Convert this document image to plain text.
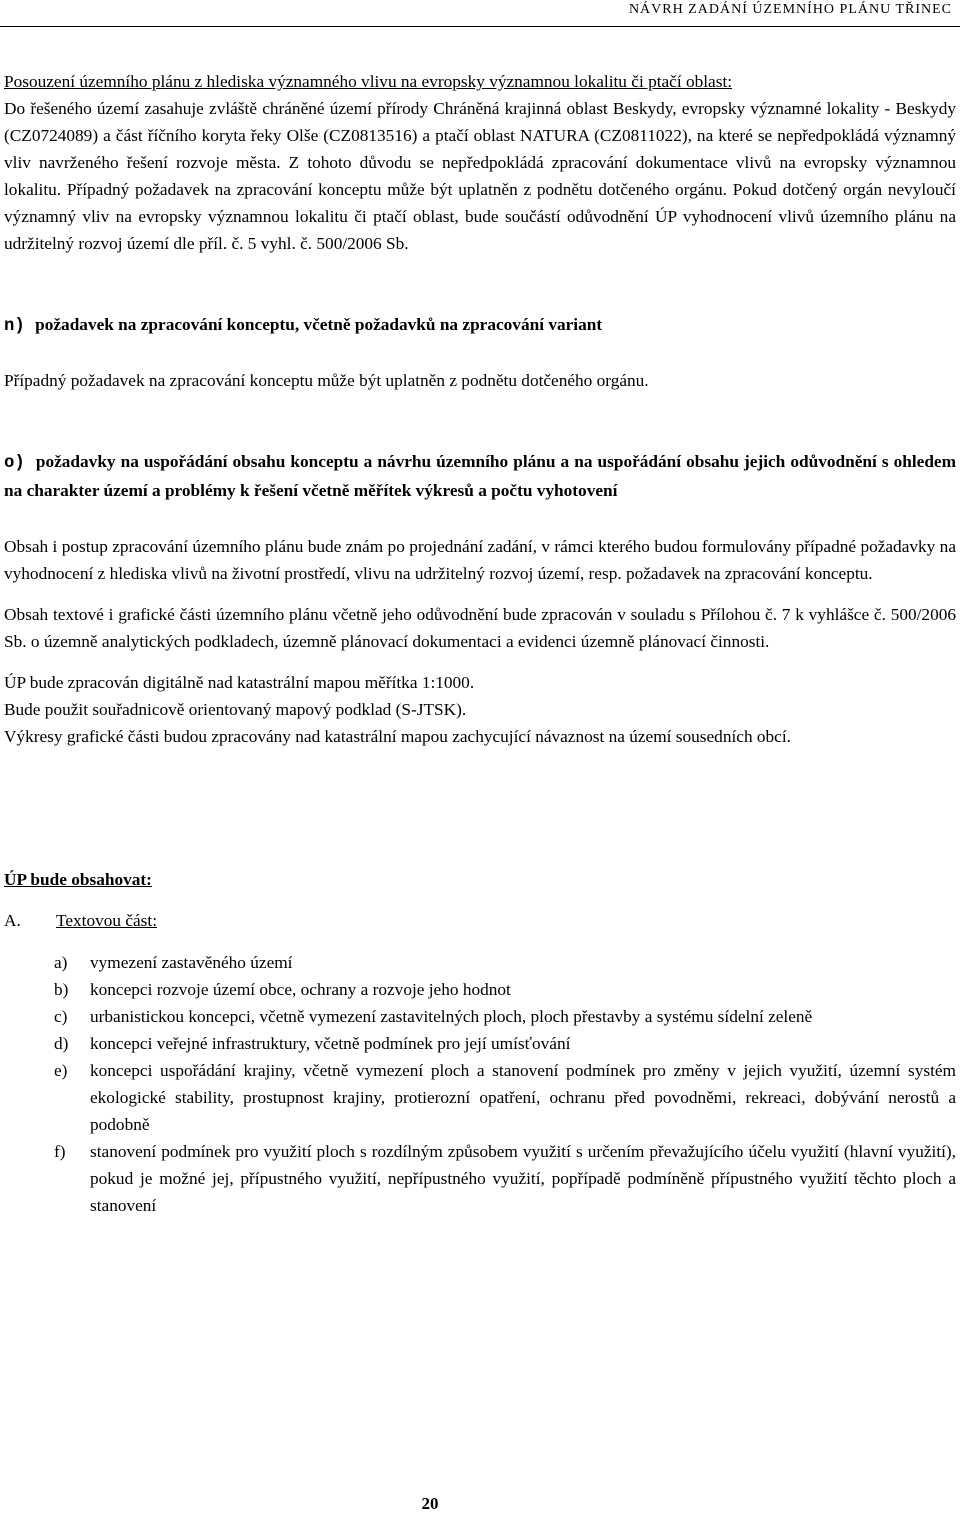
NÁVRH ZADÁNÍ ÚZEMNÍHO PLÁNU TŘINEC

Posouzení územního plánu z hlediska významného vlivu na evropsky významnou lokalitu či ptačí oblast:

Do řešeného území zasahuje zvláště chráněné území přírody Chráněná krajinná oblast Beskydy, evropsky významné lokality - Beskydy (CZ0724089) a část říčního koryta řeky Olše (CZ0813516) a ptačí oblast NATURA (CZ0811022), na které se nepředpokládá významný vliv navrženého řešení rozvoje města. Z tohoto důvodu se nepředpokládá zpracování dokumentace vlivů na evropsky významnou lokalitu. Případný požadavek na zpracování konceptu může být uplatněn z podnětu dotčeného orgánu. Pokud dotčený orgán nevyloučí významný vliv na evropsky významnou lokalitu či ptačí oblast, bude součástí odůvodnění ÚP vyhodnocení vlivů územního plánu na udržitelný rozvoj území dle příl. č. 5 vyhl. č. 500/2006 Sb.

n) požadavek na zpracování konceptu, včetně požadavků na zpracování variant

Případný požadavek na zpracování konceptu může být uplatněn z podnětu dotčeného orgánu.

o) požadavky na uspořádání obsahu konceptu a návrhu územního plánu a na uspořádání obsahu jejich odůvodnění s ohledem na charakter území a problémy k řešení včetně měřítek výkresů a počtu vyhotovení

Obsah i postup zpracování územního plánu bude znám po projednání zadání, v rámci kterého budou formulovány případné požadavky na vyhodnocení z hlediska vlivů na životní prostředí, vlivu na udržitelný rozvoj území, resp. požadavek na zpracování konceptu.

Obsah textové i grafické části územního plánu včetně jeho odůvodnění bude zpracován v souladu s Přílohou č. 7 k vyhlášce č. 500/2006 Sb. o územně analytických podkladech, územně plánovací dokumentaci a evidenci územně plánovací činnosti.

ÚP bude zpracován digitálně nad katastrální mapou měřítka 1:1000.

Bude použit souřadnicově orientovaný mapový podklad (S-JTSK).

Výkresy grafické části budou zpracovány nad katastrální mapou zachycující návaznost na území sousedních obcí.

ÚP bude obsahovat:

A. Textovou část:

a) vymezení zastavěného území
b) koncepci rozvoje území obce, ochrany a rozvoje jeho hodnot
c) urbanistickou koncepci, včetně vymezení zastavitelných ploch, ploch přestavby a systému sídelní zeleně
d) koncepci veřejné infrastruktury, včetně podmínek pro její umísťování
e) koncepci uspořádání krajiny, včetně vymezení ploch a stanovení podmínek pro změny v jejich využití, územní systém ekologické stability, prostupnost krajiny, protierozní opatření, ochranu před povodněmi, rekreaci, dobývání nerostů a podobně
f) stanovení podmínek pro využití ploch s rozdílným způsobem využití s určením převažujícího účelu využití (hlavní využití), pokud je možné jej, přípustného využití, nepřípustného využití, popřípadě podmíněně přípustného využití těchto ploch a stanovení
20
